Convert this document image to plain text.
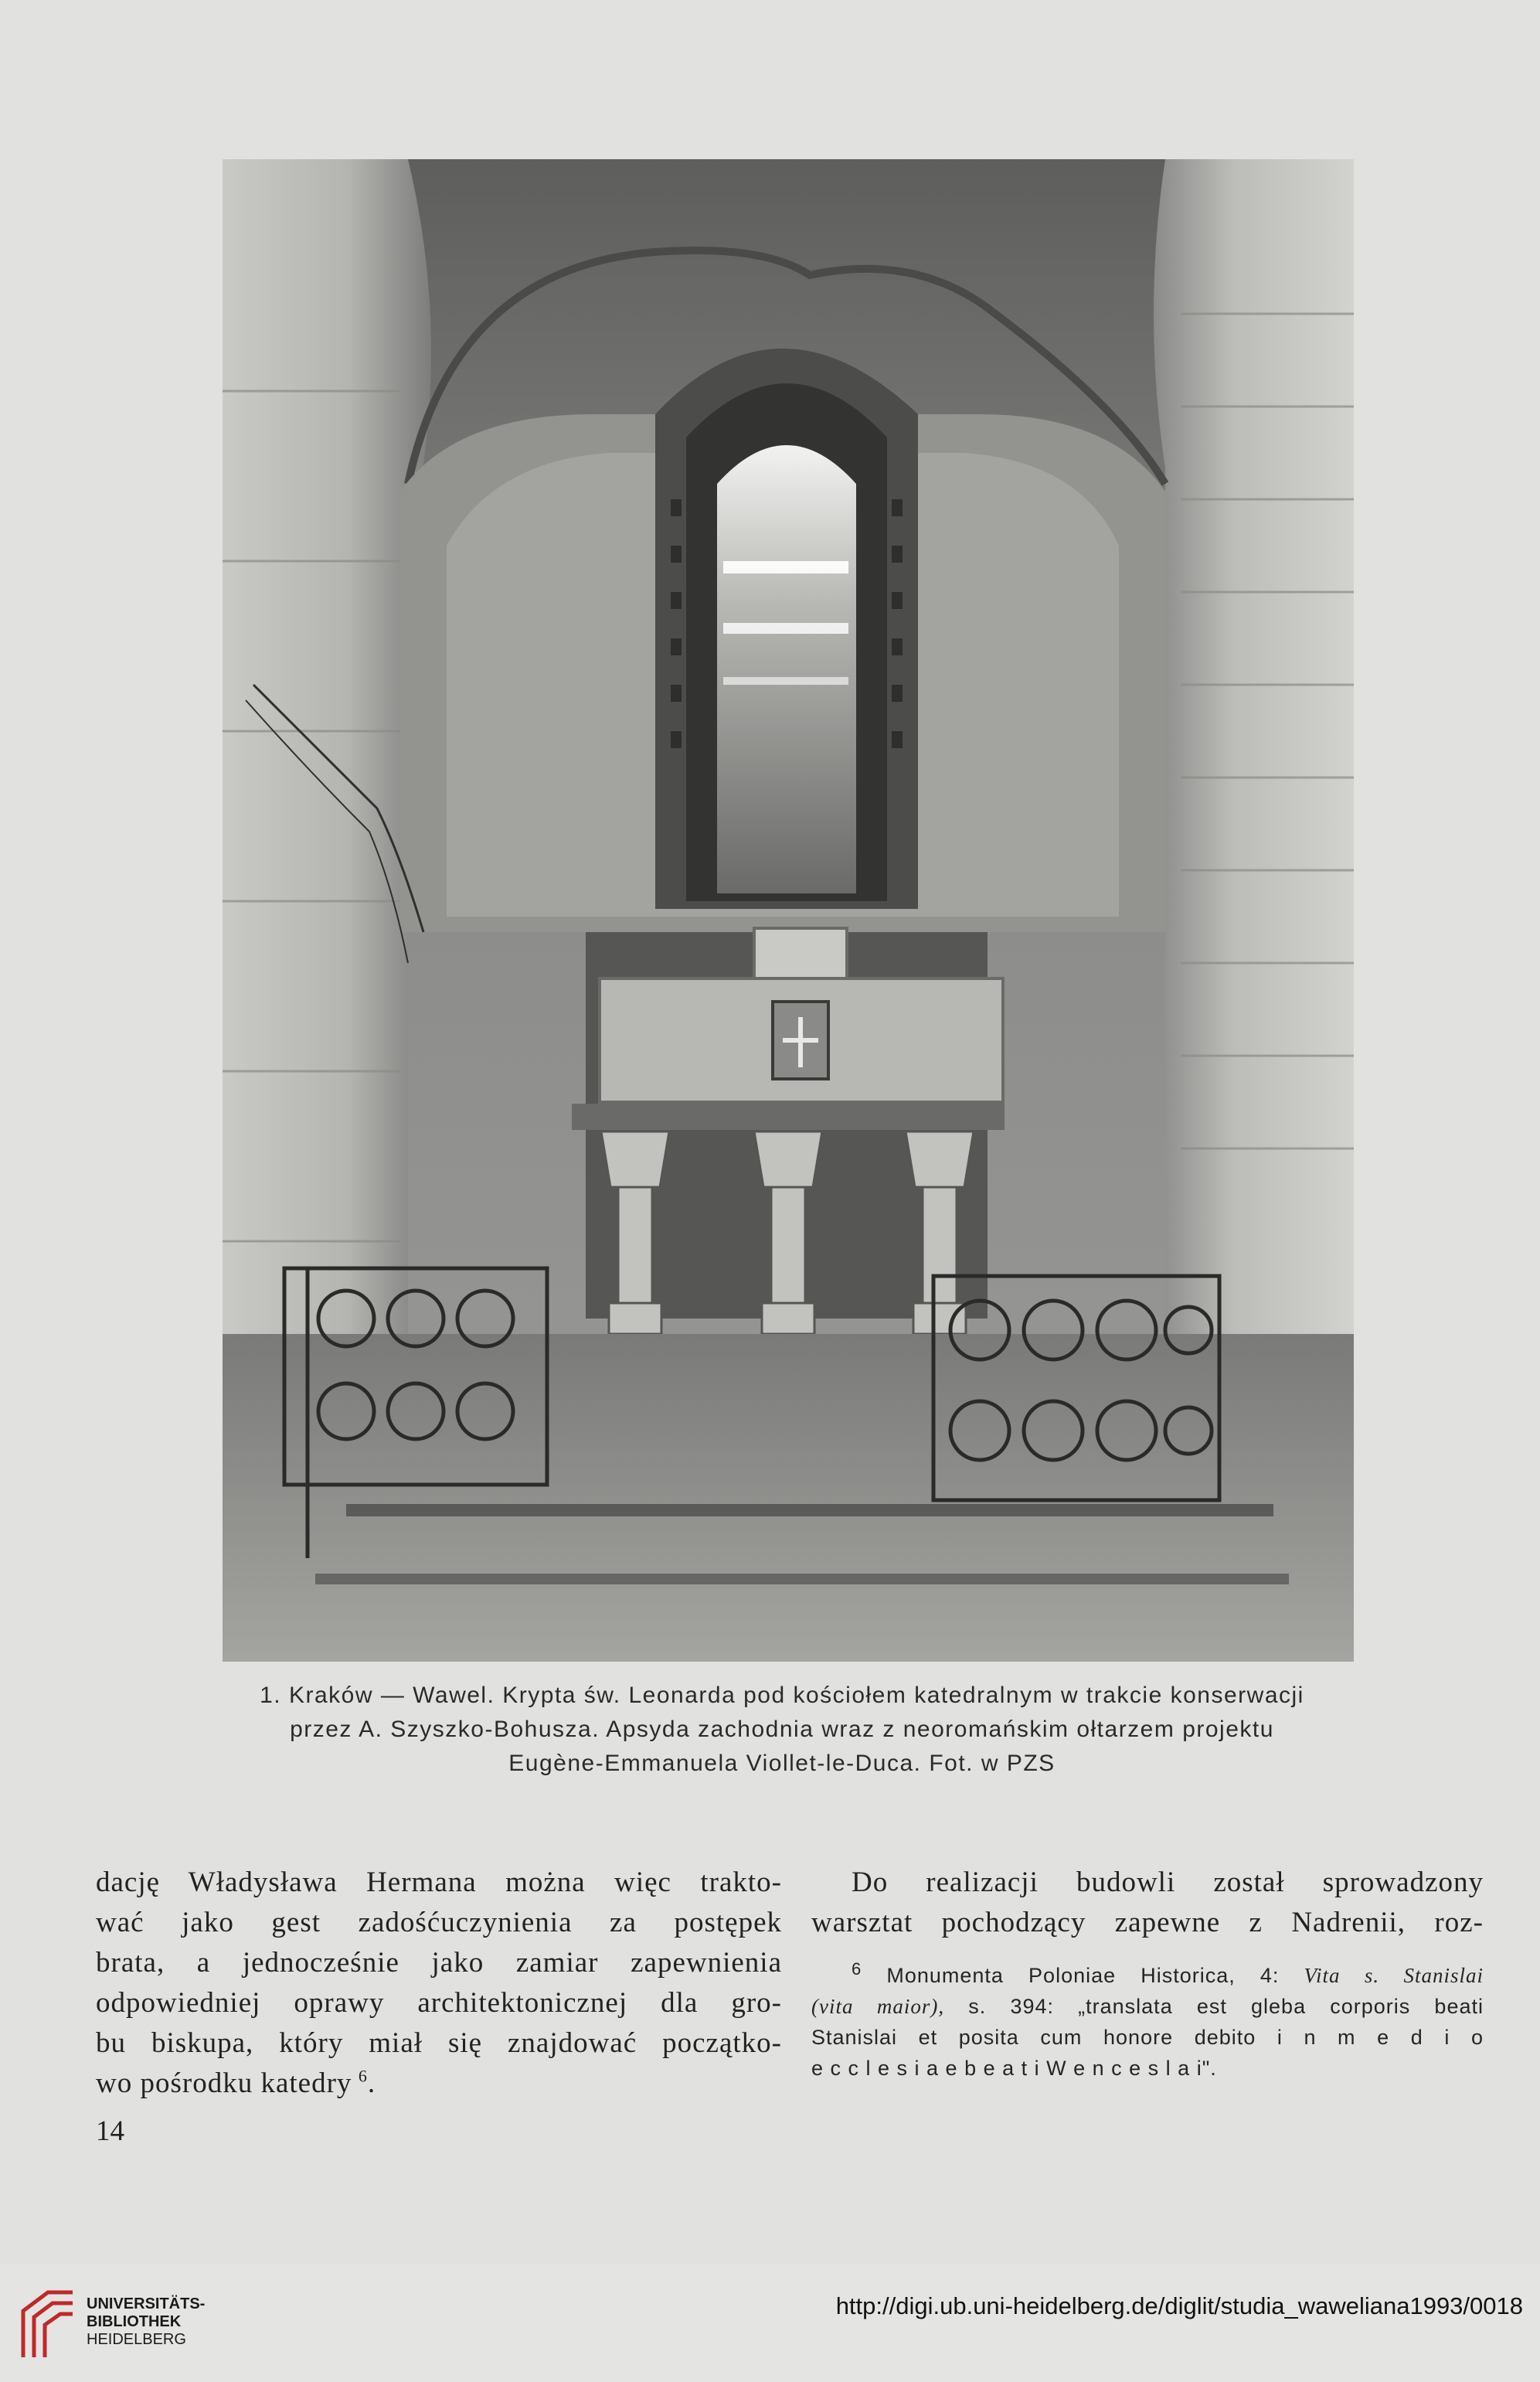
1. Kraków — Wawel. Krypta św. Leonarda pod kościołem katedralnym w trakcie konserwacji
przez A. Szyszko-Bohusza. Apsyda zachodnia wraz z neoromańskim ołtarzem projektu
Eugène-Emmanuela Viollet-le-Duca. Fot. w PZS
dację Władysława Hermana można więc trakto-
wać jako gest zadośćuczynienia za postępek
brata, a jednocześnie jako zamiar zapewnienia
odpowiedniej oprawy architektonicznej dla gro-
bu biskupa, który miał się znajdować początko-
wo pośrodku katedry  $^6$.
Do realizacji budowli został sprowadzony
warsztat pochodzący zapewne z Nadrenii, roz-
$^6$ Monumenta Poloniae Historica, 4: Vita s. Stanislai
(vita maior), s. 394: „translata est gleba corporis beati
Stanislai et posita cum honore debito i n m e d i o
e c c l e s i a e b e a t i W e n c e s l a i".
14
UNIVERSITÄTS-
BIBLIOTHEK
HEIDELBERG
http://digi.ub.uni-heidelberg.de/diglit/studia_waweliana1993/0018
